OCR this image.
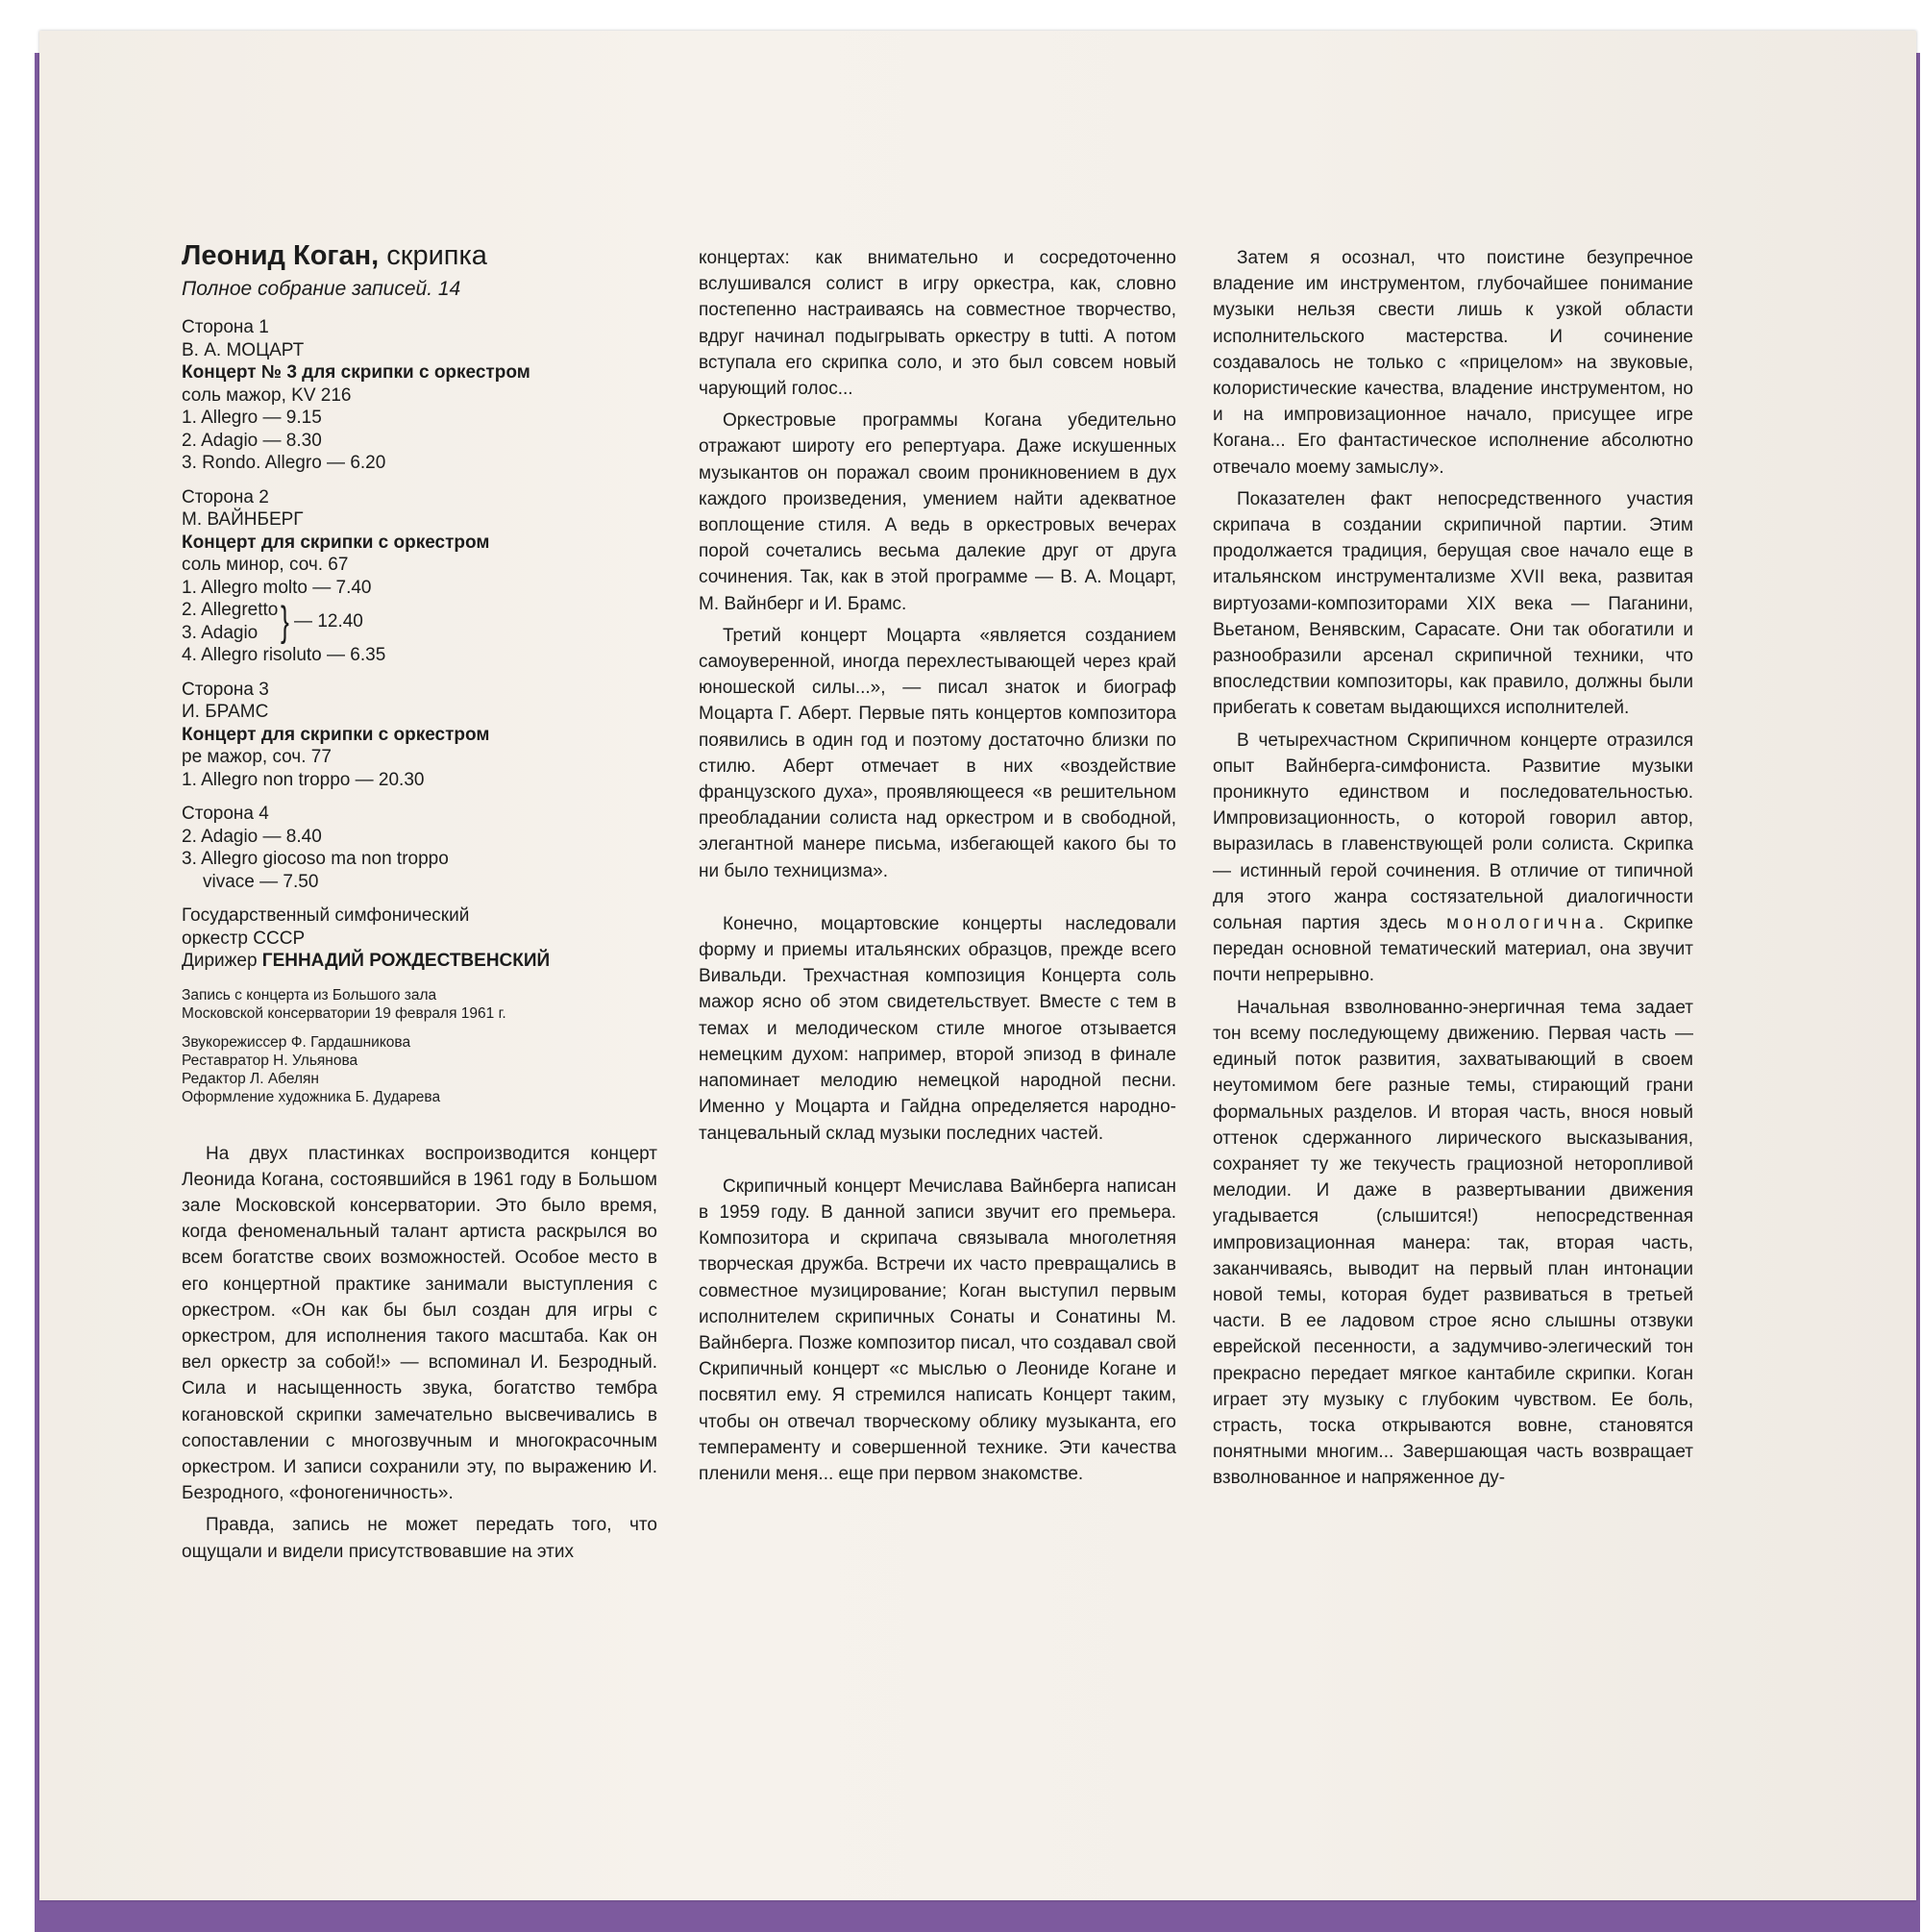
Леонид Коган, скрипка
Полное собрание записей. 14
Сторона 1
В. А. МОЦАРТ
Концерт № 3 для скрипки с оркестром
соль мажор, KV 216
1. Allegro — 9.15
2. Adagio — 8.30
3. Rondo. Allegro — 6.20
Сторона 2
М. ВАЙНБЕРГ
Концерт для скрипки с оркестром
соль минор, соч. 67
1. Allegro molto — 7.40
2. Allegretto
3. Adagio } — 12.40
4. Allegro risoluto — 6.35
Сторона 3
И. БРАМС
Концерт для скрипки с оркестром
ре мажор, соч. 77
1. Allegro non troppo — 20.30
Сторона 4
2. Adagio — 8.40
3. Allegro giocoso ma non troppo
vivace — 7.50
Государственный симфонический
оркестр СССР
Дирижер ГЕННАДИЙ РОЖДЕСТВЕНСКИЙ
Запись с концерта из Большого зала
Московской консерватории 19 февраля 1961 г.
Звукорежиссер Ф. Гардашникова
Реставратор Н. Ульянова
Редактор Л. Абелян
Оформление художника Б. Дударева

На двух пластинках воспроизводится концерт Леонида Когана, состоявшийся в 1961 году в Большом зале Московской консерватории. Это было время, когда феноменальный талант артиста раскрылся во всем богатстве своих возможностей. Особое место в его концертной практике занимали выступления с оркестром. «Он как бы был создан для игры с оркестром, для исполнения такого масштаба. Как он вел оркестр за собой!» — вспоминал И. Безродный. Сила и насыщенность звука, богатство тембра когановской скрипки замечательно высвечивались в сопоставлении с многозвучным и многокрасочным оркестром. И записи сохранили эту, по выражению И. Безродного, «фоногеничность».

Правда, запись не может передать того, что ощущали и видели присутствовавшие на этих

концертах: как внимательно и сосредоточенно вслушивался солист в игру оркестра, как, словно постепенно настраиваясь на совместное творчество, вдруг начинал подыгрывать оркестру в tutti. А потом вступала его скрипка соло, и это был совсем новый чарующий голос...

Оркестровые программы Когана убедительно отражают широту его репертуара. Даже искушенных музыкантов он поражал своим проникновением в дух каждого произведения, умением найти адекватное воплощение стиля. А ведь в оркестровых вечерах порой сочетались весьма далекие друг от друга сочинения. Так, как в этой программе — В. А. Моцарт, М. Вайнберг и И. Брамс.

Третий концерт Моцарта «является созданием самоуверенной, иногда перехлестывающей через край юношеской силы...», — писал знаток и биограф Моцарта Г. Аберт. Первые пять концертов композитора появились в один год и поэтому достаточно близки по стилю. Аберт отмечает в них «воздействие французского духа», проявляющееся «в решительном преобладании солиста над оркестром и в свободной, элегантной манере письма, избегающей какого бы то ни было техницизма».

Конечно, моцартовские концерты наследовали форму и приемы итальянских образцов, прежде всего Вивальди. Трехчастная композиция Концерта соль мажор ясно об этом свидетельствует. Вместе с тем в темах и мелодическом стиле многое отзывается немецким духом: например, второй эпизод в финале напоминает мелодию немецкой народной песни. Именно у Моцарта и Гайдна определяется народно-танцевальный склад музыки последних частей.

Скрипичный концерт Мечислава Вайнберга написан в 1959 году. В данной записи звучит его премьера. Композитора и скрипача связывала многолетняя творческая дружба. Встречи их часто превращались в совместное музицирование; Коган выступил первым исполнителем скрипичных Сонаты и Сонатины М. Вайнберга. Позже композитор писал, что создавал свой Скрипичный концерт «с мыслью о Леониде Когане и посвятил ему. Я стремился написать Концерт таким, чтобы он отвечал творческому облику музыканта, его темпераменту и совершенной технике. Эти качества пленили меня... еще при первом знакомстве.

Затем я осознал, что поистине безупречное владение им инструментом, глубочайшее понимание музыки нельзя свести лишь к узкой области исполнительского мастерства. И сочинение создавалось не только с «прицелом» на звуковые, колористические качества, владение инструментом, но и на импровизационное начало, присущее игре Когана... Его фантастическое исполнение абсолютно отвечало моему замыслу».

Показателен факт непосредственного участия скрипача в создании скрипичной партии. Этим продолжается традиция, берущая свое начало еще в итальянском инструментализме XVII века, развитая виртуозами-композиторами XIX века — Паганини, Вьетаном, Венявским, Сарасате. Они так обогатили и разнообразили арсенал скрипичной техники, что впоследствии композиторы, как правило, должны были прибегать к советам выдающихся исполнителей.

В четырехчастном Скрипичном концерте отразился опыт Вайнберга-симфониста. Развитие музыки проникнуто единством и последовательностью. Импровизационность, о которой говорил автор, выразилась в главенствующей роли солиста. Скрипка — истинный герой сочинения. В отличие от типичной для этого жанра состязательной диалогичности сольная партия здесь монологична. Скрипке передан основной тематический материал, она звучит почти непрерывно.

Начальная взволнованно-энергичная тема задает тон всему последующему движению. Первая часть — единый поток развития, захватывающий в своем неутомимом беге разные темы, стирающий грани формальных разделов. И вторая часть, внося новый оттенок сдержанного лирического высказывания, сохраняет ту же текучесть грациозной неторопливой мелодии. И даже в развертывании движения угадывается (слышится!) непосредственная импровизационная манера: так, вторая часть, заканчиваясь, выводит на первый план интонации новой темы, которая будет развиваться в третьей части. В ее ладовом строе ясно слышны отзвуки еврейской песенности, а задумчиво-элегический тон прекрасно передает мягкое кантабиле скрипки. Коган играет эту музыку с глубоким чувством. Ее боль, страсть, тоска открываются вовне, становятся понятными многим... Завершающая часть возвращает взволнованное и напряженное ду-
